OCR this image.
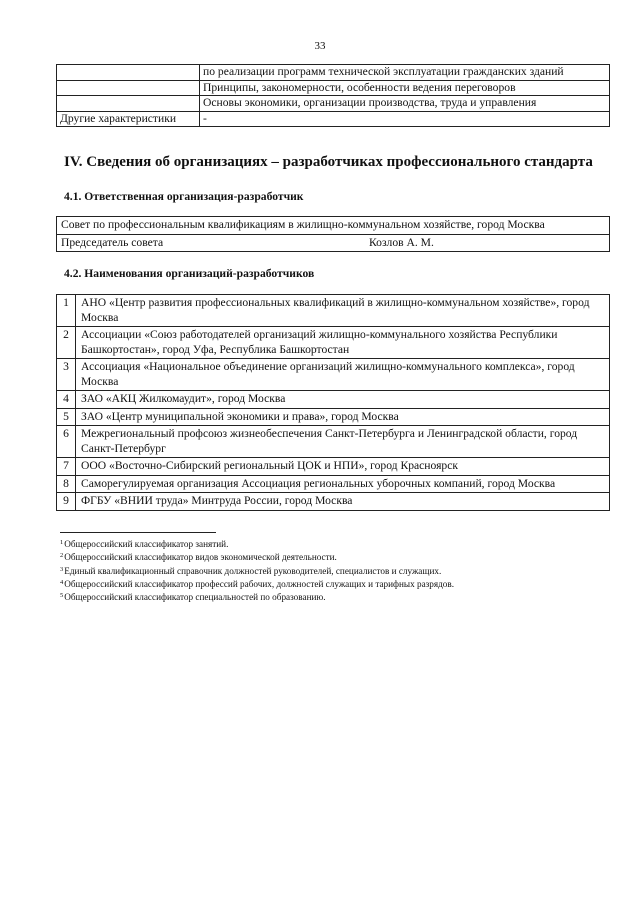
33
	по реализации программ технической эксплуатации гражданских зданий
	Принципы, закономерности, особенности ведения переговоров
	Основы экономики, организации производства, труда и управления
Другие характеристики	-
IV. Сведения об организациях – разработчиках профессионального стандарта
4.1. Ответственная организация-разработчик
Совет по профессиональным квалификациям в жилищно-коммунальном хозяйстве, город Москва
Председатель совета	Козлов А. М.
4.2. Наименования организаций-разработчиков
1	АНО «Центр развития профессиональных квалификаций в жилищно-коммунальном хозяйстве», город Москва
2	Ассоциации «Союз работодателей организаций жилищно-коммунального хозяйства Республики Башкортостан», город Уфа, Республика Башкортостан
3	Ассоциация «Национальное объединение организаций жилищно-коммунального комплекса», город Москва
4	ЗАО «АКЦ Жилкомаудит», город Москва
5	ЗАО «Центр муниципальной экономики и права», город Москва
6	Межрегиональный профсоюз жизнеобеспечения Санкт-Петербурга и Ленинградской области, город Санкт-Петербург
7	ООО «Восточно-Сибирский региональный ЦОК и НПИ», город Красноярск
8	Саморегулируемая организация Ассоциация региональных уборочных компаний, город Москва
9	ФГБУ «ВНИИ труда» Минтруда России, город Москва
$^1$Общероссийский классификатор занятий.
$^2$Общероссийский классификатор видов экономической деятельности.
$^3$Единый квалификационный справочник должностей руководителей, специалистов и служащих.
$^4$Общероссийский классификатор профессий рабочих, должностей служащих и тарифных разрядов.
$^5$Общероссийский классификатор специальностей по образованию.
